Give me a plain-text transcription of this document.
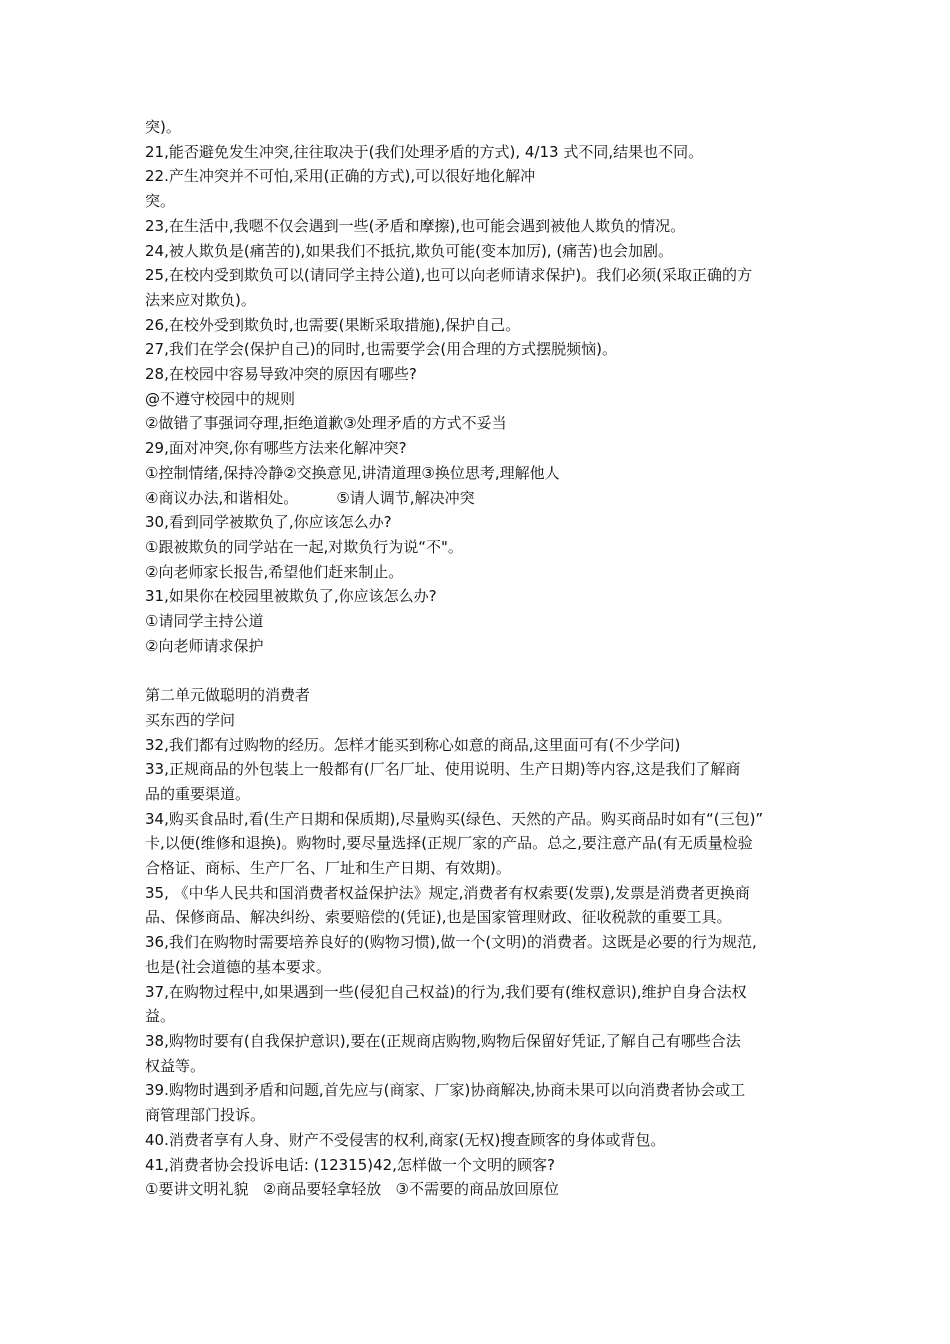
突)。
21,能否避免发生冲突,往往取决于(我们处理矛盾的方式), 4/13 式不同,结果也不同。
22.产生冲突并不可怕,采用(正确的方式),可以很好地化解冲
突。
23,在生活中,我嗯不仅会遇到一些(矛盾和摩擦),也可能会遇到被他人欺负的情况。
24,被人欺负是(痛苦的),如果我们不抵抗,欺负可能(变本加厉), (痛苦)也会加剧。
25,在校内受到欺负可以(请同学主持公道),也可以向老师请求保护)。我们必须(采取正确的方
法来应对欺负)。
26,在校外受到欺负时,也需要(果断采取措施),保护自己。
27,我们在学会(保护自己)的同时,也需要学会(用合理的方式摆脱频恼)。
28,在校园中容易导致冲突的原因有哪些?
@不遵守校园中的规则
②做错了事强词夺理,拒绝道歉③处理矛盾的方式不妥当
29,面对冲突,你有哪些方法来化解冲突?
①控制情绪,保持冷静②交换意见,讲清道理③换位思考,理解他人
④商议办法,和谐相处。        ⑤请人调节,解决冲突
30,看到同学被欺负了,你应该怎么办?
①跟被欺负的同学站在一起,对欺负行为说“不"。
②向老师家长报告,希望他们赶来制止。
31,如果你在校园里被欺负了,你应该怎么办?
①请同学主持公道
②向老师请求保护
第二单元做聪明的消费者
买东西的学问
32,我们都有过购物的经历。怎样才能买到称心如意的商品,这里面可有(不少学问)
33,正规商品的外包装上一般都有(厂名厂址、使用说明、生产日期)等内容,这是我们了解商
品的重要渠道。
34,购买食品时,看(生产日期和保质期),尽量购买(绿色、天然的产品。购买商品时如有“(三包)”
卡,以便(维修和退换)。购物时,要尽量选择(正规厂家的产品。总之,要注意产品(有无质量检验
合格证、商标、生产厂名、厂址和生产日期、有效期)。
35, 《中华人民共和国消费者权益保护法》规定,消费者有权索要(发票),发票是消费者更换商
品、保修商品、解决纠纷、索要赔偿的(凭证),也是国家管理财政、征收税款的重要工具。
36,我们在购物时需要培养良好的(购物习惯),做一个(文明)的消费者。这既是必要的行为规范,
也是(社会道德的基本要求。
37,在购物过程中,如果遇到一些(侵犯自己权益)的行为,我们要有(维权意识),维护自身合法权
益。
38,购物时要有(自我保护意识),要在(正规商店购物,购物后保留好凭证,了解自己有哪些合法
权益等。
39.购物时遇到矛盾和问题,首先应与(商家、厂家)协商解决,协商未果可以向消费者协会或工
商管理部门投诉。
40.消费者享有人身、财产不受侵害的权利,商家(无权)搜查顾客的身体或背包。
41,消费者协会投诉电话: (12315)42,怎样做一个文明的顾客?
①要讲文明礼貌   ②商品要轻拿轻放   ③不需要的商品放回原位
